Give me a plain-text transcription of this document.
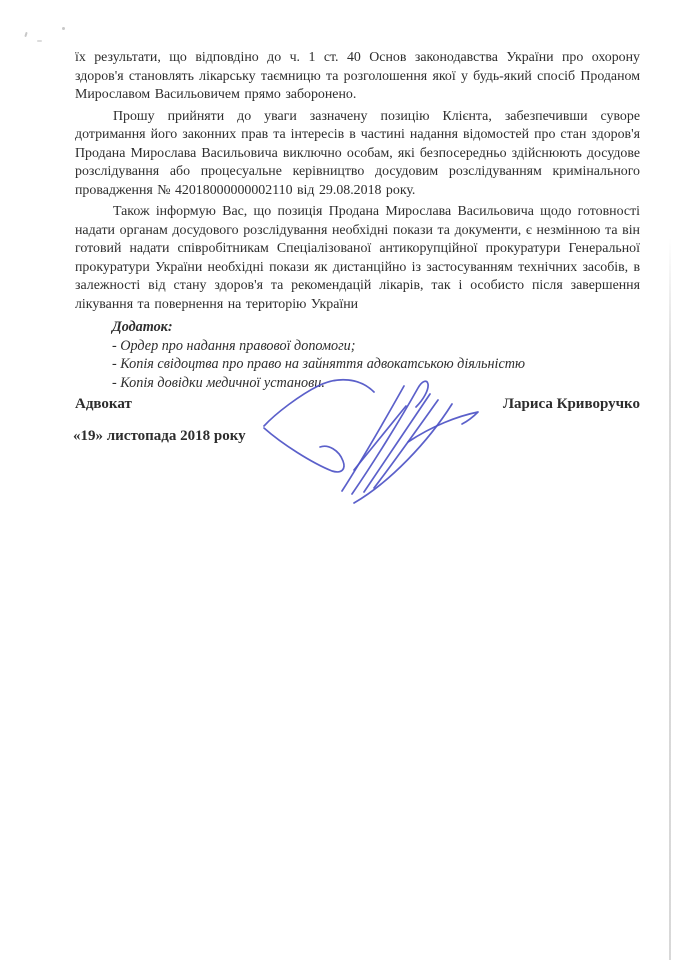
їх результати, що відповдіно до ч. 1 ст. 40 Основ законодавства України про охорону
здоров'я становлять лікарську таємницю та розголошення якої у будь-який спосіб Проданом
Мирославом Васильовичем прямо заборонено.
Прошу прийняти до уваги зазначену позицію Клієнта, забезпечивши суворе
дотримання його законних прав та інтересів в частині надання відомостей про стан здоров'я
Продана Мирослава Васильовича виключно особам, які безпосередньо здійснюють досудове
розслідування або процесуальне керівництво досудовим розслідуванням кримінального
провадження № 42018000000002110 від 29.08.2018 року.
Також інформую Вас, що позиція Продана Мирослава Васильовича щодо готовності
надати органам досудового розслідування необхідні покази та документи, є незмінною та він
готовий надати співробітникам Спеціалізованої антикорупційної прокуратури Генеральної
прокуратури України необхідні покази як дистанційно із застосуванням технічних засобів, в
залежності від стану здоров'я та рекомендацій лікарів, так і особисто після завершення
лікування та повернення на територію України
Додаток:
- Ордер про надання правової допомоги;
- Копія свідоцтва про право на зайняття адвокатською діяльністю
- Копія довідки медичної установи.
Адвокат	Лариса Криворучко
«19» листопада 2018 року
